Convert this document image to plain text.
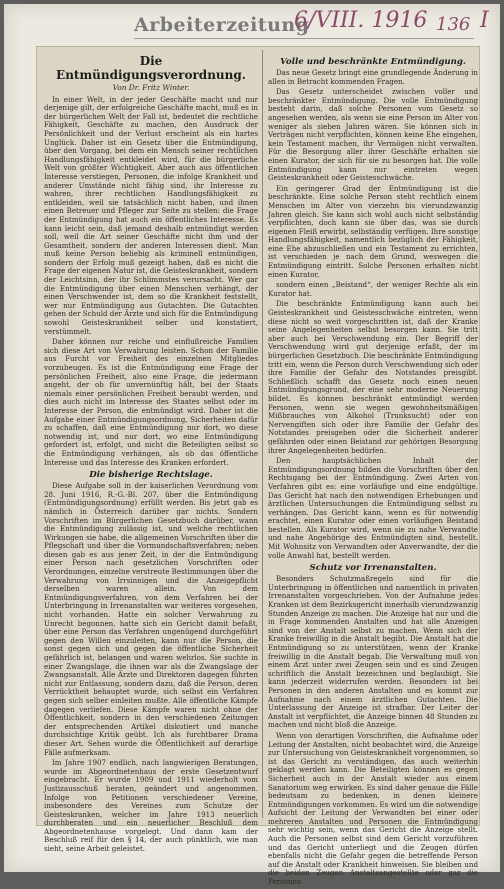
Arbeiterzeitung
6/VIII. 1916 136 I
Die Entmündigungsverordnung.
Von Dr. Fritz Winter.

In einer Welt, in der jeder Geschäfte macht und nur derjenige gilt, der erfolgreiche Geschäfte macht, muß es in der bürgerlichen Welt der Fall ist, bedeutet die rechtliche Fähigkeit, Geschäfte zu machen, den Ausdruck der Persönlichkeit und der Verlust erscheint als ein hartes Unglück. Daher ist ein Gesetz über die Entmündigung, über den Vorgang, bei dem ein Mensch seiner rechtlichen Handlungsfähigkeit entkleidet wird, für die bürgerliche Welt von größter Wichtigkeit. Aber auch aus öffentlichen Interesse verstiegen, Personen, die infolge Krankheit und anderer Umstände nicht fähig sind, ihr Interesse zu wahren, ihrer rechtlichen Handlungsfähigkeit zu entkleiden, weil sie tatsächlich nicht haben, und ihnen einen Betreuer und Pfleger zur Seite zu stellen: die Frage der Entmündigung hat auch ein öffentliches Interesse. Es kann leicht sein, daß jemand deshalb entmündigt werden soll, weil die Art seiner Geschäfte nicht ihm und der Gesamtheit, sondern der anderen Interessen dient. Man muß keine Person beliebig als kriminell entmündigen, sondern der Erfolg muß gezeigt haben, daß es nicht die Frage der eigenen Natur ist, die Geisteskrankheit, sondern der Leichtsinn, der ihr Schlimmstes verursacht. Wer gar die Entmündigung über einen Menschen verhängt, der einen Verschwender ist, dem so die Krankheit feststellt, wer nur Entmündigung aus Gutachten. Die Gutachten gehen der Schuld der Ärzte und sich für die Entmündigung sowohl Geisteskrankheit selber und konstatiert, verstümmelt.

Daher können nur reiche und einflußreiche Familien sich diese Art von Verwahrung leisten. Schon der Familie aus Furcht vor Freiheit des einzelnen Mitgliedes vorzubeugen. Es ist die Entmündigung eine Frage der persönlichen Freiheit, also eine Frage, die jedermann angeht, der ob für unvernünftig hält, bei der Staats niemals einer persönlichen Freiheit beraubt werden, und dies auch nicht im Interesse des Staates selbst oder im Interesse der Person, die entmündigt wird. Daher ist die Aufgabe einer Entmündigungsordnung, Sicherheiten dafür zu schaffen, daß eine Entmündigung nur dort, wo diese notwendig ist, und nur dort, wo eine Entmündigung gefordert ist, erfolgt, und nicht die Beteiligten selbst so die Entmündigung verhängen, als ob das öffentliche Interesse und das Interesse des Kranken erfordert.

Die bisherige Rechtslage.

Diese Aufgabe soll in der kaiserlichen Verordnung vom 28. Juni 1916, R.-G.-Bl. 207, über die Entmündigung (Entmündigungsordnung) erfüllt werden. Bis jetzt gab es nämlich in Österreich darüber gar nichts. Sondern Vorschriften im Bürgerlichen Gesetzbuch darüber, wann die Entmündigung zulässig ist, und welche rechtlichen Wirkungen sie habe, die allgemeinen Vorschriften über die Pflegschaft und über die Vormundschaftsverfahren; neben diesen gab es aus jener Zeit, in der die Entmündigung einer Person nach gesetzlichen Vorschriften oder Verordnungen, einzelne verstreute Bestimmungen über die Verwahrung von Irrsinnigen und die Anzeigepflicht derselben waren allein. Von dem Entmündigungsverfahren, von dem Verfahren bei der Unterbringung in Irrenanstalten war weiteres vorgesehen, nicht vorhanden. Hatte ein solcher Verwahrung zu Unrecht begonnen, hatte sich ein Gericht damit befaßt, über eine Person das Verfahren ungenügend durchgeführt gegen den Willen einzuleiten, kann nur die Person, die sonst gegen sich und gegen die öffentliche Sicherheit gefährlich ist, belangen und waren wehrlos. Sie suchte in einer Zwangslage, die ihnen war als die Zwangslage der Zwangsanstalt. Alle Ärzte und Direktoren dagegen führten nicht zur Entlassung, sondern dazu, daß die Person, deren Verrücktheit behauptet wurde, sich selbst ein Verfahren gegen sich selber einleiten mußte. Alle öffentliche Kämpfe dagegen verliefen. Diese Kämpfe waren nicht ohne der Öffentlichkeit, sondern in den verschiedenen Zeitungen der entsprechenden Artikel diskutiert und manche durchsichtige Kritik geübt. Ich als furchtbarer Drama dieser Art. Sehen wurde die Öffentlichkeit auf derartige Fälle aufmerksam.

Im Jahre 1907 endlich, nach langwierigen Beratungen, wurde im Abgeordnetenhaus der erste Gesetzentwurf eingebracht. Er wurde 1909 und 1911 wiederholt vom Justizausschuß beraten, geändert und angenommen. Infolge von Petitionen verschiedener Vereine, insbesondere des Vereines zum Schutze der Geisteskranken, welcher im Jahre 1913 neuerlich durchberaten und ein neuerlicher Beschluß dem Abgeordnetenhause vorgelegt. Und dann kam der Beschluß reif für den § 14, der auch pünktlich, wie man sieht, seine Arbeit geleistet.

Volle und beschränkte Entmündigung.

Das neue Gesetz bringt eine grundlegende Änderung in allen in Betracht kommenden Fragen.

Das Gesetz unterscheidet zwischen voller und beschränkter Entmündigung. Die volle Entmündigung besteht darin, daß solche Personen vom Gesetz so angesehen werden, als wenn sie eine Person im Alter von weniger als sieben Jahren wären. Sie können sich in Verträgen nicht verpflichten, können keine Ehe eingehen, kein Testament machen, ihr Vermögen nicht verwalten. Für die Besorgung aller ihrer Geschäfte erhalten sie einen Kurator, der sich für sie zu besorgen hat. Die volle Entmündigung kann nur eintreten wegen Geisteskrankheit oder Geistesschwäche.

Ein geringerer Grad der Entmündigung ist die beschränkte. Eine solche Person steht rechtlich einem Menschen im Alter von vierzehn bis vierundzwanzig Jahren gleich. Sie kann sich wohl auch nicht selbständig verpflichten, doch kann sie über das, was sie durch eigenen Fleiß erwirbt, selbständig verfügen. Ihre sonstige Handlungsfähigkeit, namentlich bezüglich der Fähigkeit, eine Ehe abzuschließen und ein Testament zu errichten, ist verschieden je nach dem Grund, weswegen die Entmündigung eintritt. Solche Personen erhalten nicht einen Kurator,

sondern einen „Beistand“, der weniger Rechte als ein Kurator hat.

Die beschränkte Entmündigung kann auch bei Geisteskrankheit und Geistesschwäche eintreten, wenn diese nicht so weit vorgeschritten ist, daß der Kranke seine Angelegenheiten selbst besorgen kann. Sie tritt aber auch bei Verschwendung ein. Der Begriff der Verschwendung wird gut derjenige erfaßt, der im bürgerlichen Gesetzbuch. Die beschränkte Entmündigung tritt ein, wenn die Person durch Verschwendung sich oder ihre Familie der Gefahr des Notstandes preisgibt. Schließlich schafft das Gesetz noch einen neuen Entmündigungsgrund, der eine sehr moderne Neuerung bildet. Es können beschränkt entmündigt werden Personen, wenn sie wegen gewohnheitsmäßigen Mißbrauches von Alkohol (Trunksucht) oder von Nervengiften sich oder ihre Familie der Gefahr des Notstandes preisgeben oder die Sicherheit anderer gefährden oder einen Beistand zur gehörigen Besorgung ihrer Angelegenheiten bedürfen.

Den hauptsächlichen Inhalt der Entmündigungsordnung bilden die Vorschriften über den Rechtsgang bei der Entmündigung. Zwei Arten von Verfahren gibt es: eine vorläufige und eine endgültige. Das Gericht hat nach den notwendigen Erhebungen und ärztlichen Untersuchungen die Entmündigung selbst zu verhängen. Das Gericht kann, wenn es für notwendig erachtet, einen Kurator oder einen vorläufigen Beistand bestellen. Als Kurator wird, wenn sie zu nahe Verwandte und nahe Angehörige des Entmündigten sind, bestellt. Mit Wohnsitz von Verwandten oder Anverwandte, der die volle Anwahl hat, bestellt werden.

Schutz vor Irrenanstalten.

Besonders Schutzmaßregeln sind für die Unterbringung in öffentlichen und namentlich in privaten Irrenanstalten vorgeschrieben. Von der Aufnahme jedes Kranken ist dem Bezirksgericht innerhalb vierundzwanzig Stunden Anzeige zu machen. Die Anzeige hat nur und die in Frage kommenden Anstalten und hat alle Anzeigen sind von der Anstalt selbst zu machen. Wenn sich der Kranke freiwillig in die Anstalt begibt. Die Anstalt hat die Entmündigung so zu unterstützen, wenn der Kranke freiwillig in die Anstalt begab. Die Verwaltung muß von einem Arzt unter zwei Zeugen sein und es sind Zeugen schriftlich die Anstalt bezeichnen und beglaubigt. Sie kann jederzeit widerrufen werden. Besonders ist bei Personen in den anderen Anstalten und es kommt zur Aufnahme nach einem ärztlichen Gutachten. Die Unterlassung der Anzeige ist strafbar. Der Leiter der Anstalt ist verpflichtet, die Anzeige binnen 48 Stunden zu machen und nicht bloß die Anzeige.

Wenn von derartigen Vorschriften, die Aufnahme oder Leitung der Anstalten, nicht beobachtet wird, die Anzeige zur Untersuchung von Geisteskrankheit vorgenommen, so ist das Gericht zu verständigen, das auch weiterhin geklagt werden kann. Die Beteiligten können es gegen Sicherheit auch in der Anstalt wieder aus einem Sanatorium weg erwirken. Es sind daher genaue die Fälle bedeutsam zu bedenken, in denen kleinere Entmündigungen vorkommen. Es wird um die notwendige Aufsicht der Leitung der Verwandten bei einer oder mehreren Anstalten und Personen die Entmündigung sehr wichtig sein, wenn das Gericht die Anzeige stellt. Auch die Personen selbst sind dem Gericht vorzuführen und das Gericht unterliegt und die Zeugen dürfen ebenfalls nicht die Gefahr gegen die betreffende Person auf die Anstalt oder Krankheit hinweisen. Sie bleiben und die beiden Zeugen Anstaltsangestellte oder gar die Personen
